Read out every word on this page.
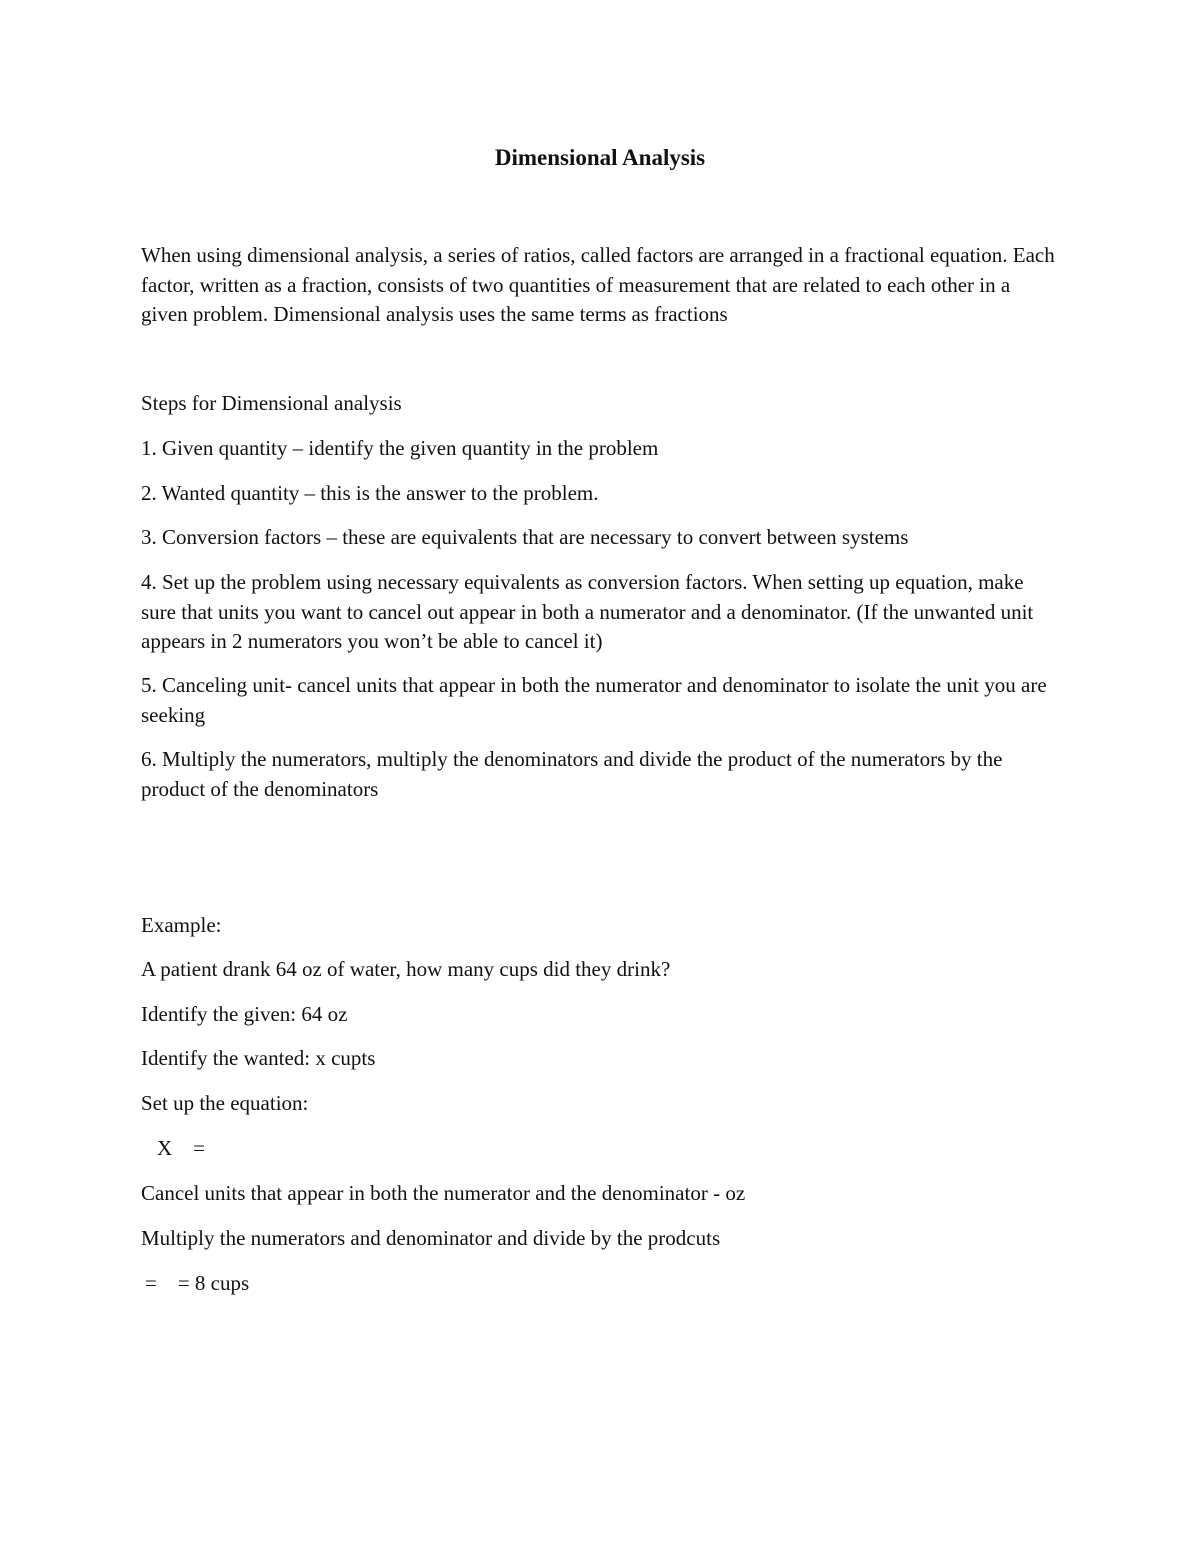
Dimensional Analysis

When using dimensional analysis, a series of ratios, called factors are arranged in a fractional equation. Each factor, written as a fraction, consists of two quantities of measurement that are related to each other in a given problem. Dimensional analysis uses the same terms as fractions

Steps for Dimensional analysis

1. Given quantity – identify the given quantity in the problem

2. Wanted quantity – this is the answer to the problem.

3. Conversion factors – these are equivalents that are necessary to convert between systems

4. Set up the problem using necessary equivalents as conversion factors. When setting up equation, make sure that units you want to cancel out appear in both a numerator and a denominator. (If the unwanted unit appears in 2 numerators you won’t be able to cancel it)

5. Canceling unit- cancel units that appear in both the numerator and denominator to isolate the unit you are seeking

6. Multiply the numerators, multiply the denominators and divide the product of the numerators by the product of the denominators

Example:

A patient drank 64 oz of water, how many cups did they drink?

Identify the given: 64 oz

Identify the wanted: x cupts

Set up the equation:

X    =

Cancel units that appear in both the numerator and the denominator - oz

Multiply the numerators and denominator and divide by the prodcuts

=    = 8 cups
